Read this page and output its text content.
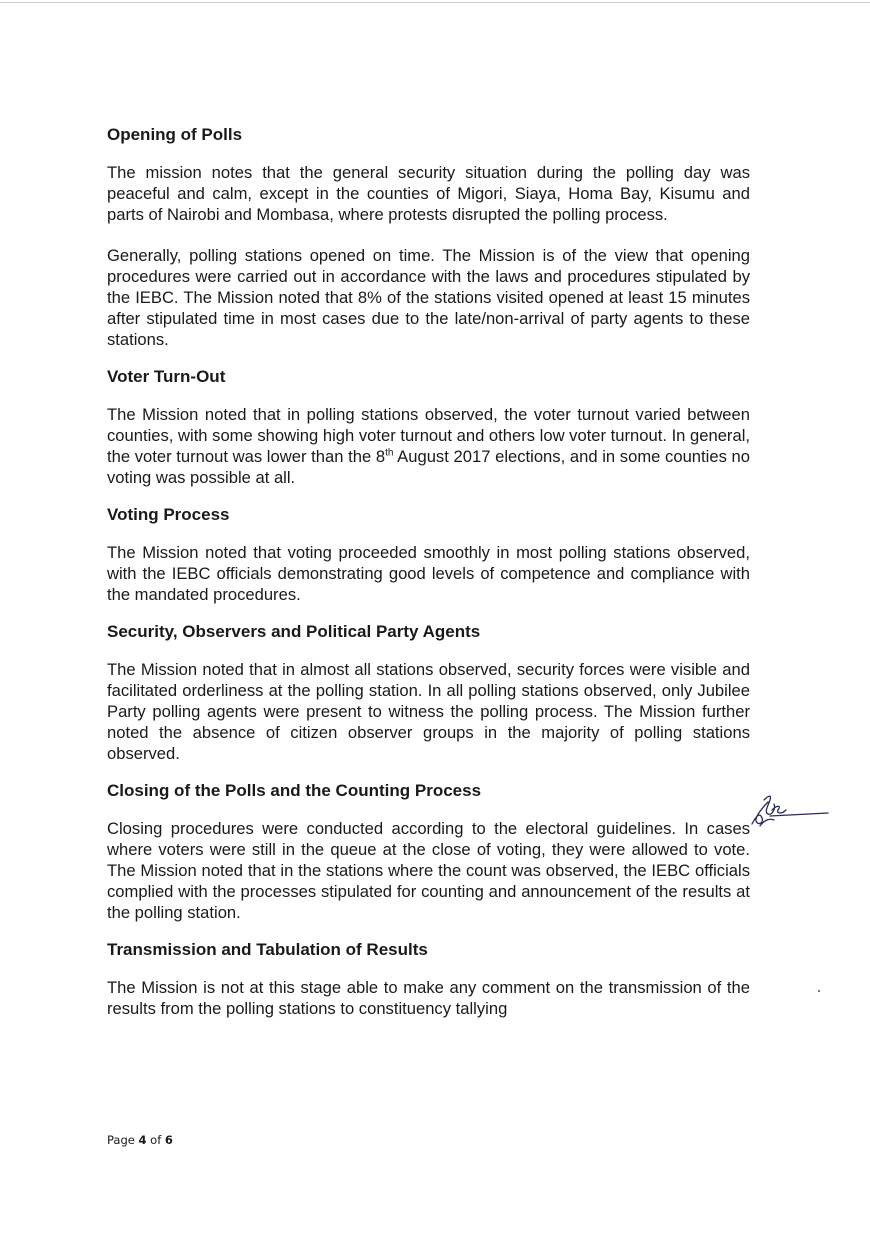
Opening of Polls

The mission notes that the general security situation during the polling day was peaceful and calm, except in the counties of Migori, Siaya, Homa Bay, Kisumu and parts of Nairobi and Mombasa, where protests disrupted the polling process.

Generally, polling stations opened on time. The Mission is of the view that opening procedures were carried out in accordance with the laws and procedures stipulated by the IEBC. The Mission noted that 8% of the stations visited opened at least 15 minutes after stipulated time in most cases due to the late/non-arrival of party agents to these stations.

Voter Turn-Out

The Mission noted that in polling stations observed, the voter turnout varied between counties, with some showing high voter turnout and others low voter turnout. In general, the voter turnout was lower than the 8th August 2017 elections, and in some counties no voting was possible at all.

Voting Process

The Mission noted that voting proceeded smoothly in most polling stations observed, with the IEBC officials demonstrating good levels of competence and compliance with the mandated procedures.

Security, Observers and Political Party Agents

The Mission noted that in almost all stations observed, security forces were visible and facilitated orderliness at the polling station. In all polling stations observed, only Jubilee Party polling agents were present to witness the polling process. The Mission further noted the absence of citizen observer groups in the majority of polling stations observed.

Closing of the Polls and the Counting Process

Closing procedures were conducted according to the electoral guidelines. In cases where voters were still in the queue at the close of voting, they were allowed to vote. The Mission noted that in the stations where the count was observed, the IEBC officials complied with the processes stipulated for counting and announcement of the results at the polling station.

Transmission and Tabulation of Results

The Mission is not at this stage able to make any comment on the transmission of the results from the polling stations to constituency tallying

Page 4 of 6
